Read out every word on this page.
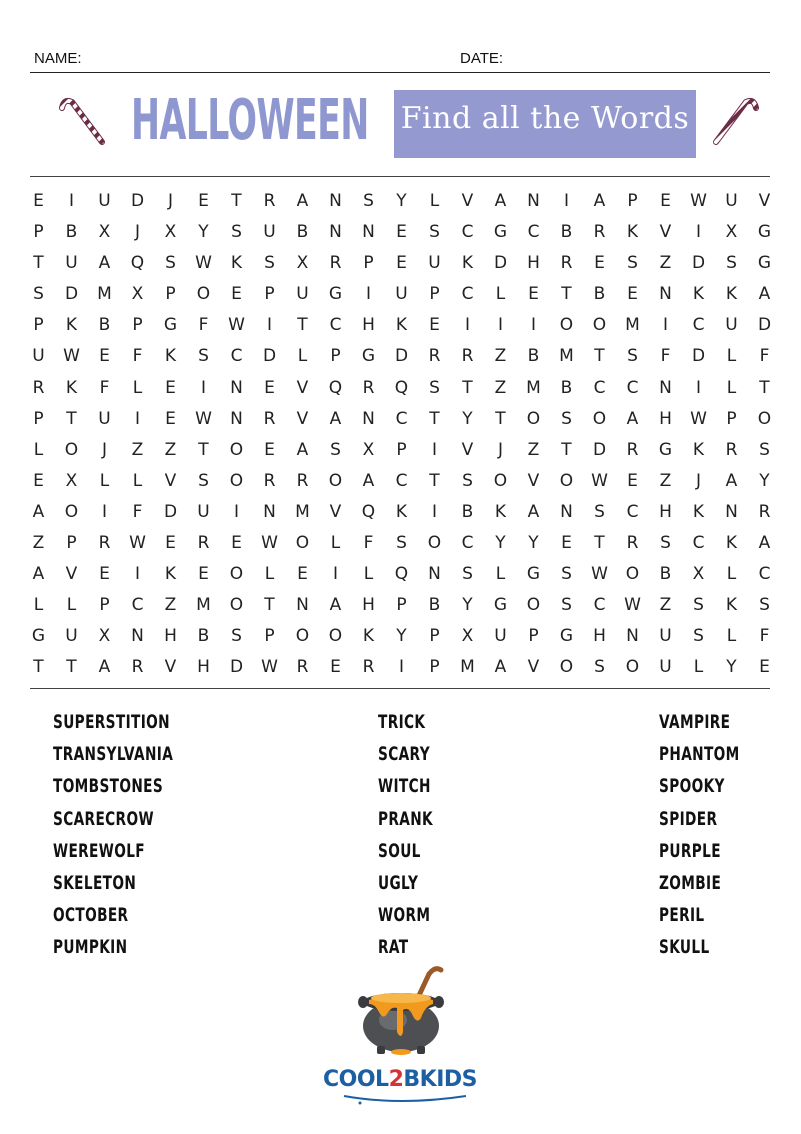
NAME:	DATE:
HALLOWEEN Find all the Words
E	I	U	D	J	E	T	R	A	N	S	Y	L	V	A	N	I	A	P	E	W	U	V
P	B	X	J	X	Y	S	U	B	N	N	E	S	C	G	C	B	R	K	V	I	X	G
T	U	A	Q	S	W	K	S	X	R	P	E	U	K	D	H	R	E	S	Z	D	S	G
S	D	M	X	P	O	E	P	U	G	I	U	P	C	L	E	T	B	E	N	K	K	A
P	K	B	P	G	F	W	I	T	C	H	K	E	I	I	I	O	O	M	I	C	U	D
U	W	E	F	K	S	C	D	L	P	G	D	R	R	Z	B	M	T	S	F	D	L	F
R	K	F	L	E	I	N	E	V	Q	R	Q	S	T	Z	M	B	C	C	N	I	L	T
P	T	U	I	E	W	N	R	V	A	N	C	T	Y	T	O	S	O	A	H	W	P	O
L	O	J	Z	Z	T	O	E	A	S	X	P	I	V	J	Z	T	D	R	G	K	R	S
E	X	L	L	V	S	O	R	R	O	A	C	T	S	O	V	O	W	E	Z	J	A	Y
A	O	I	F	D	U	I	N	M	V	Q	K	I	B	K	A	N	S	C	H	K	N	R
Z	P	R	W	E	R	E	W	O	L	F	S	O	C	Y	Y	E	T	R	S	C	K	A
A	V	E	I	K	E	O	L	E	I	L	Q	N	S	L	G	S	W	O	B	X	L	C
L	L	P	C	Z	M	O	T	N	A	H	P	B	Y	G	O	S	C	W	Z	S	K	S
G	U	X	N	H	B	S	P	O	O	K	Y	P	X	U	P	G	H	N	U	S	L	F
T	T	A	R	V	H	D	W	R	E	R	I	P	M	A	V	O	S	O	U	L	Y	E
SUPERSTITION
TRANSYLVANIA
TOMBSTONES
SCARECROW
WEREWOLF
SKELETON
OCTOBER
PUMPKIN
TRICK
SCARY
WITCH
PRANK
SOUL
UGLY
WORM
RAT
VAMPIRE
PHANTOM
SPOOKY
SPIDER
PURPLE
ZOMBIE
PERIL
SKULL
COOL2BKIDS
